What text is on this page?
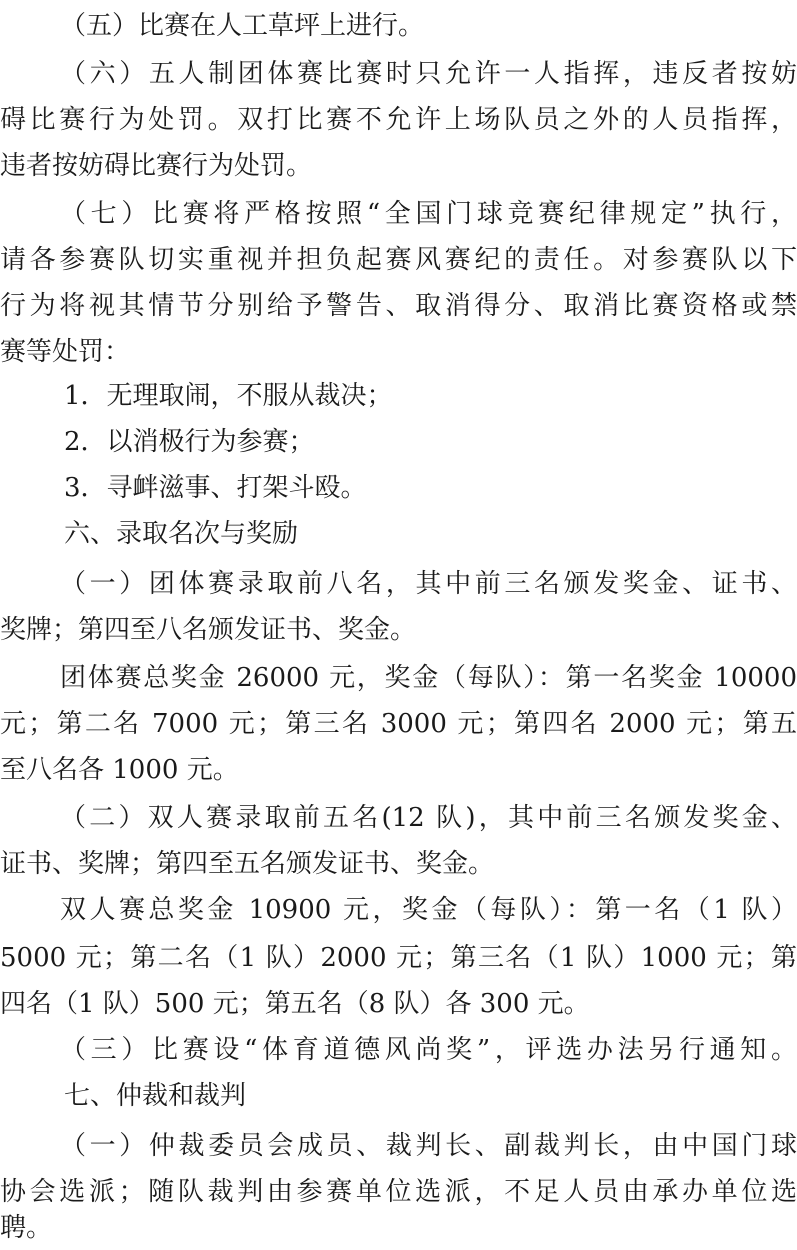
（五）比赛在人工草坪上进行。
（六）五人制团体赛比赛时只允许一人指挥，违反者按妨
碍比赛行为处罚。双打比赛不允许上场队员之外的人员指挥，
违者按妨碍比赛行为处罚。
（七）比赛将严格按照“全国门球竞赛纪律规定”执行，
请各参赛队切实重视并担负起赛风赛纪的责任。对参赛队以下
行为将视其情节分别给予警告、取消得分、取消比赛资格或禁
赛等处罚：
1．无理取闹，不服从裁决；
2．以消极行为参赛；
3．寻衅滋事、打架斗殴。
六、录取名次与奖励
（一）团体赛录取前八名，其中前三名颁发奖金、证书、
奖牌；第四至八名颁发证书、奖金。
团体赛总奖金 26000 元，奖金（每队）：第一名奖金 10000
元；第二名 7000 元；第三名 3000 元；第四名 2000 元；第五
至八名各 1000 元。
（二）双人赛录取前五名(12 队)，其中前三名颁发奖金、
证书、奖牌；第四至五名颁发证书、奖金。
双人赛总奖金 10900 元，奖金（每队）：第一名（1 队）
5000 元；第二名（1 队）2000 元；第三名（1 队）1000 元；第
四名（1 队）500 元；第五名（8 队）各 300 元。
（三）比赛设“体育道德风尚奖”，评选办法另行通知。
七、仲裁和裁判
（一）仲裁委员会成员、裁判长、副裁判长，由中国门球
协会选派；随队裁判由参赛单位选派，不足人员由承办单位选
聘。
